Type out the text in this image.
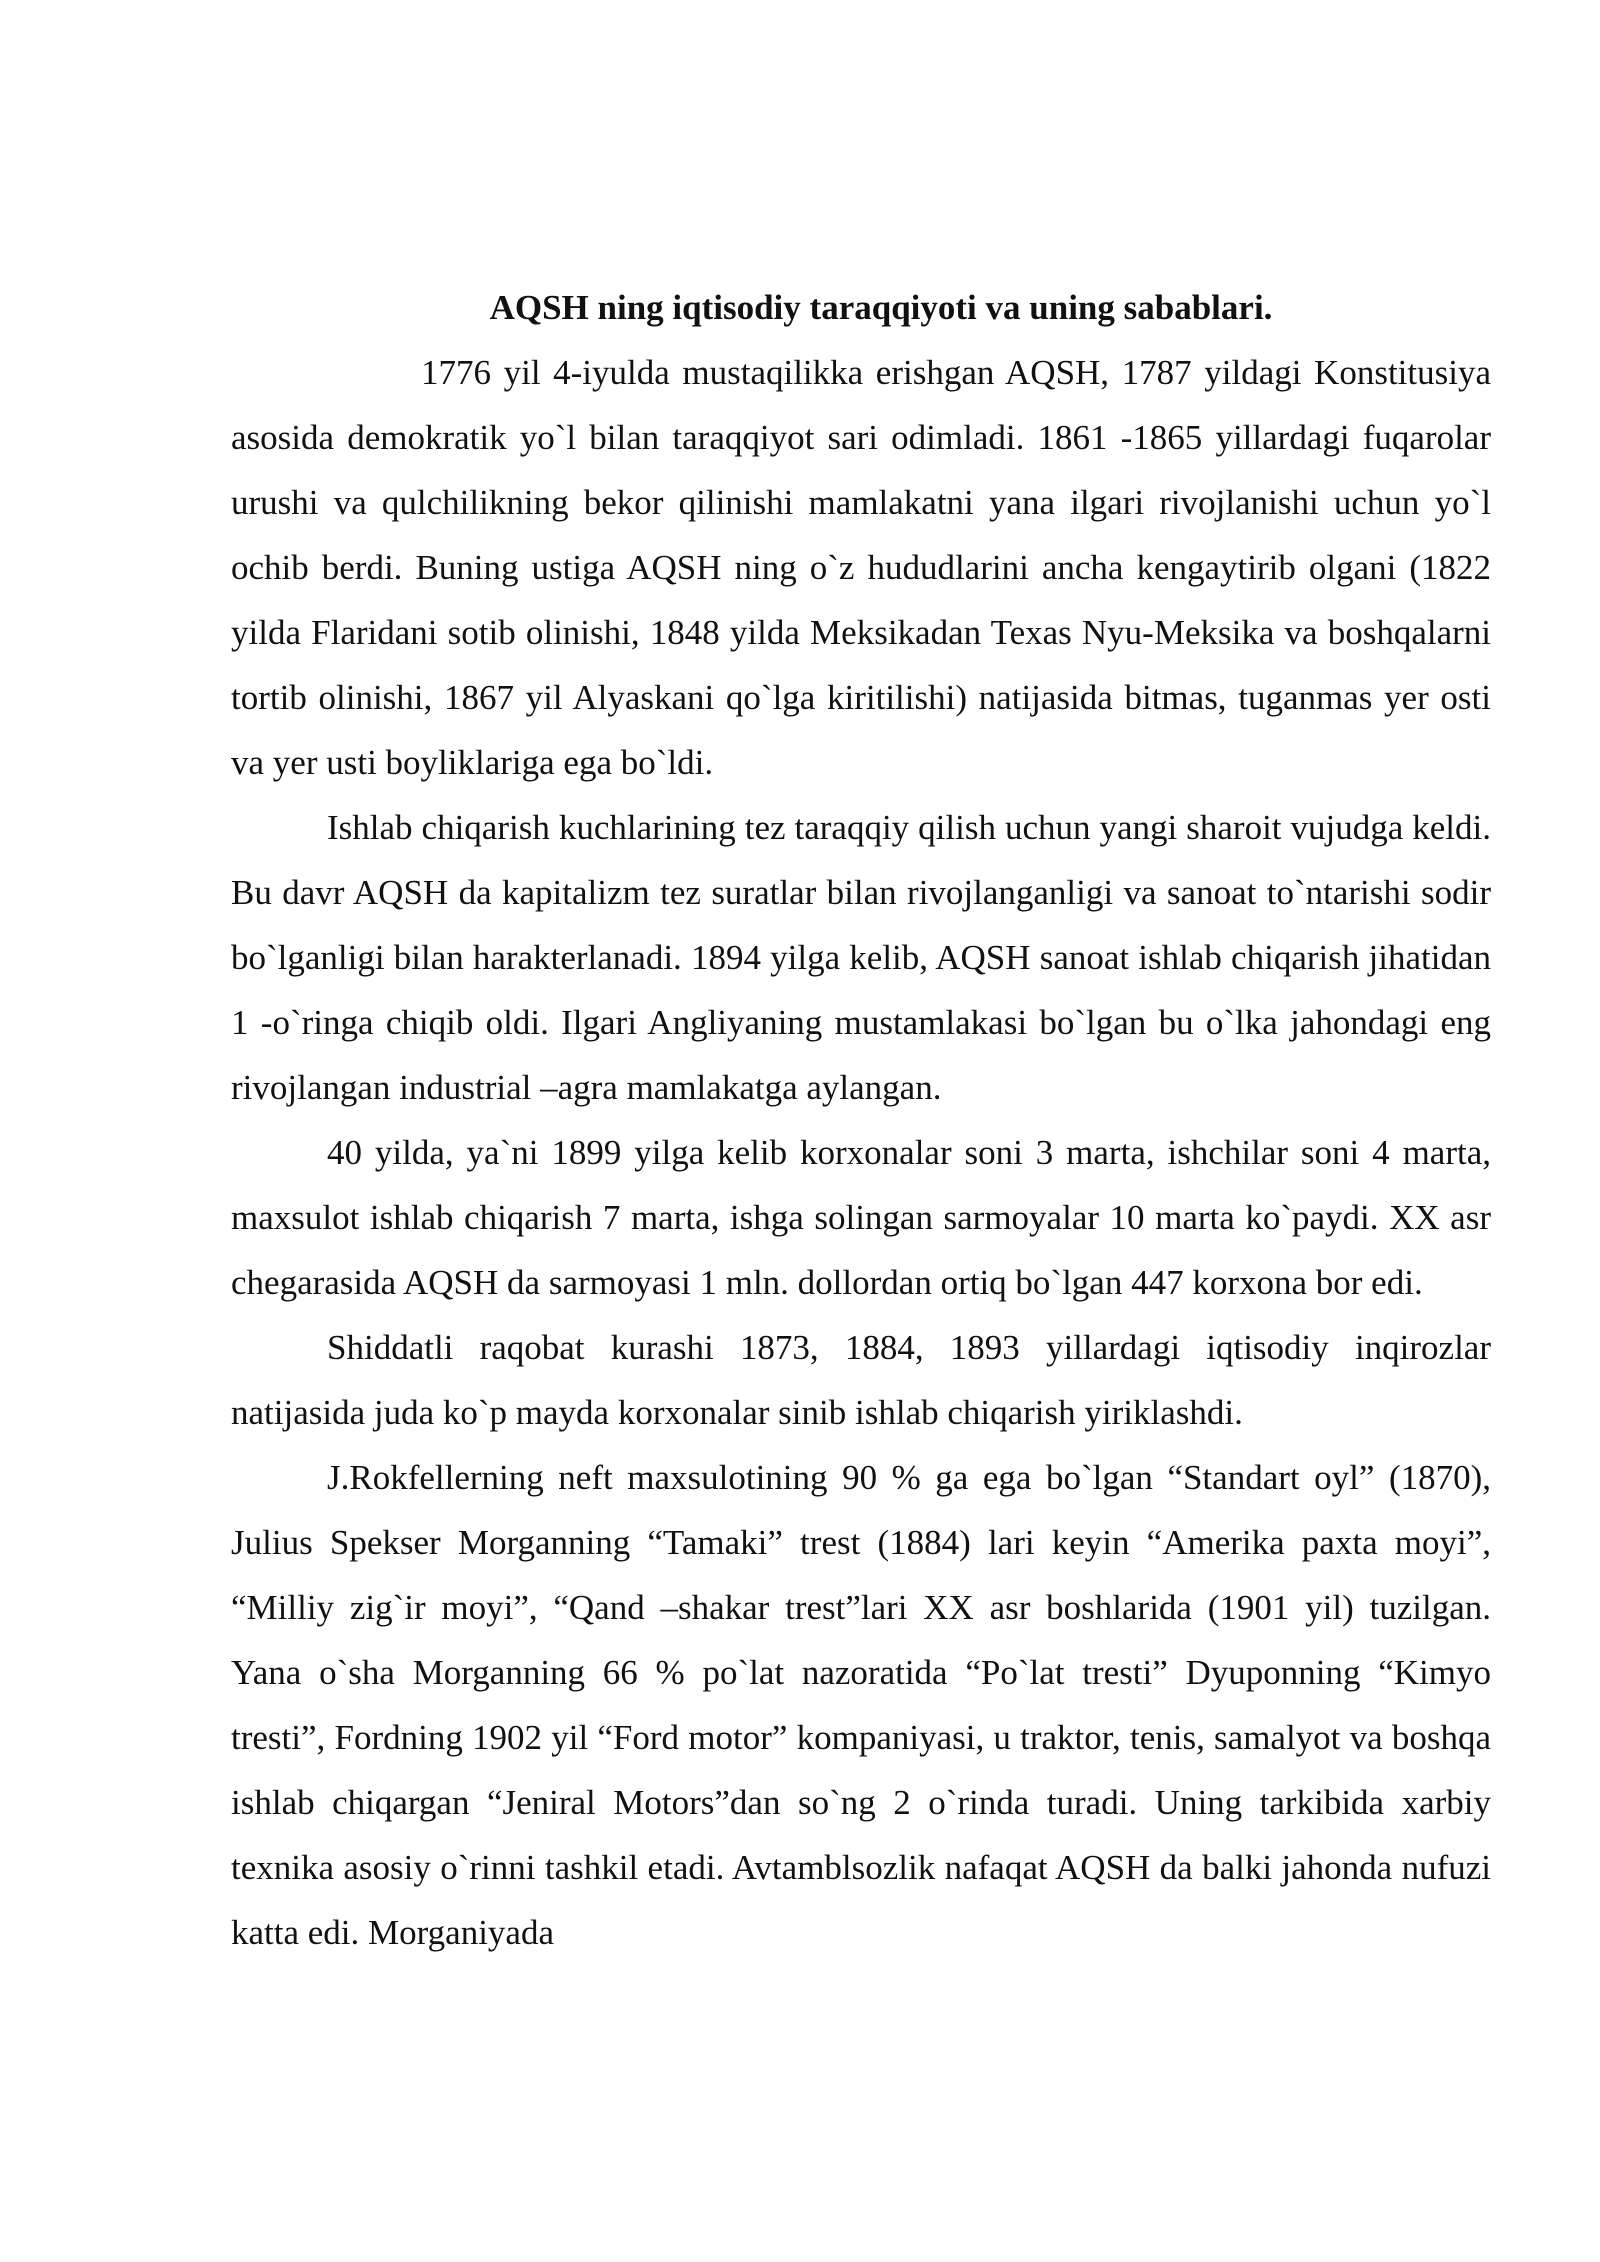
AQSH ning iqtisodiy taraqqiyoti va uning sabablari.

1776 yil 4-iyulda mustaqilikka erishgan AQSH, 1787 yildagi Konstitusiya asosida demokratik yo`l bilan taraqqiyot sari odimladi. 1861 -1865 yillardagi fuqarolar urushi va qulchilikning bekor qilinishi mamlakatni yana ilgari rivojlanishi uchun yo`l ochib berdi. Buning ustiga AQSH ning o`z hududlarini ancha kengaytirib olgani (1822 yilda Flaridani sotib olinishi, 1848 yilda Meksikadan Texas Nyu-Meksika va boshqalarni tortib olinishi, 1867 yil Alyaskani qo`lga kiritilishi) natijasida bitmas, tuganmas yer osti va yer usti boyliklariga ega bo`ldi.

Ishlab chiqarish kuchlarining tez taraqqiy qilish uchun yangi sharoit vujudga keldi. Bu davr AQSH da kapitalizm tez suratlar bilan rivojlanganligi va sanoat to`ntarishi sodir bo`lganligi bilan harakterlanadi. 1894 yilga kelib, AQSH sanoat ishlab chiqarish jihatidan 1 -o`ringa chiqib oldi. Ilgari Angliyaning mustamlakasi bo`lgan bu o`lka jahondagi eng rivojlangan industrial –agra mamlakatga aylangan.

40 yilda, ya`ni 1899 yilga kelib korxonalar soni 3 marta, ishchilar soni 4 marta, maxsulot ishlab chiqarish 7 marta, ishga solingan sarmoyalar 10 marta ko`paydi. XX asr chegarasida AQSH da sarmoyasi 1 mln. dollordan ortiq bo`lgan 447 korxona bor edi.

Shiddatli raqobat kurashi 1873, 1884, 1893 yillardagi iqtisodiy inqirozlar natijasida juda ko`p mayda korxonalar sinib ishlab chiqarish yiriklashdi.

J.Rokfellerning neft maxsulotining 90 % ga ega bo`lgan “Standart oyl” (1870), Julius Spekser Morganning “Tamaki” trest (1884) lari keyin “Amerika paxta moyi”, “Milliy zig`ir moyi”, “Qand –shakar trest”lari XX asr boshlarida (1901 yil) tuzilgan. Yana o`sha Morganning 66 % po`lat nazoratida “Po`lat tresti” Dyuponning “Kimyo tresti”, Fordning 1902 yil “Ford motor” kompaniyasi, u traktor, tenis, samalyot va boshqa ishlab chiqargan “Jeniral Motors”dan so`ng 2 o`rinda turadi. Uning tarkibida xarbiy texnika asosiy o`rinni tashkil etadi. Avtamblsozlik nafaqat AQSH da balki jahonda nufuzi katta edi. Morganiyada
